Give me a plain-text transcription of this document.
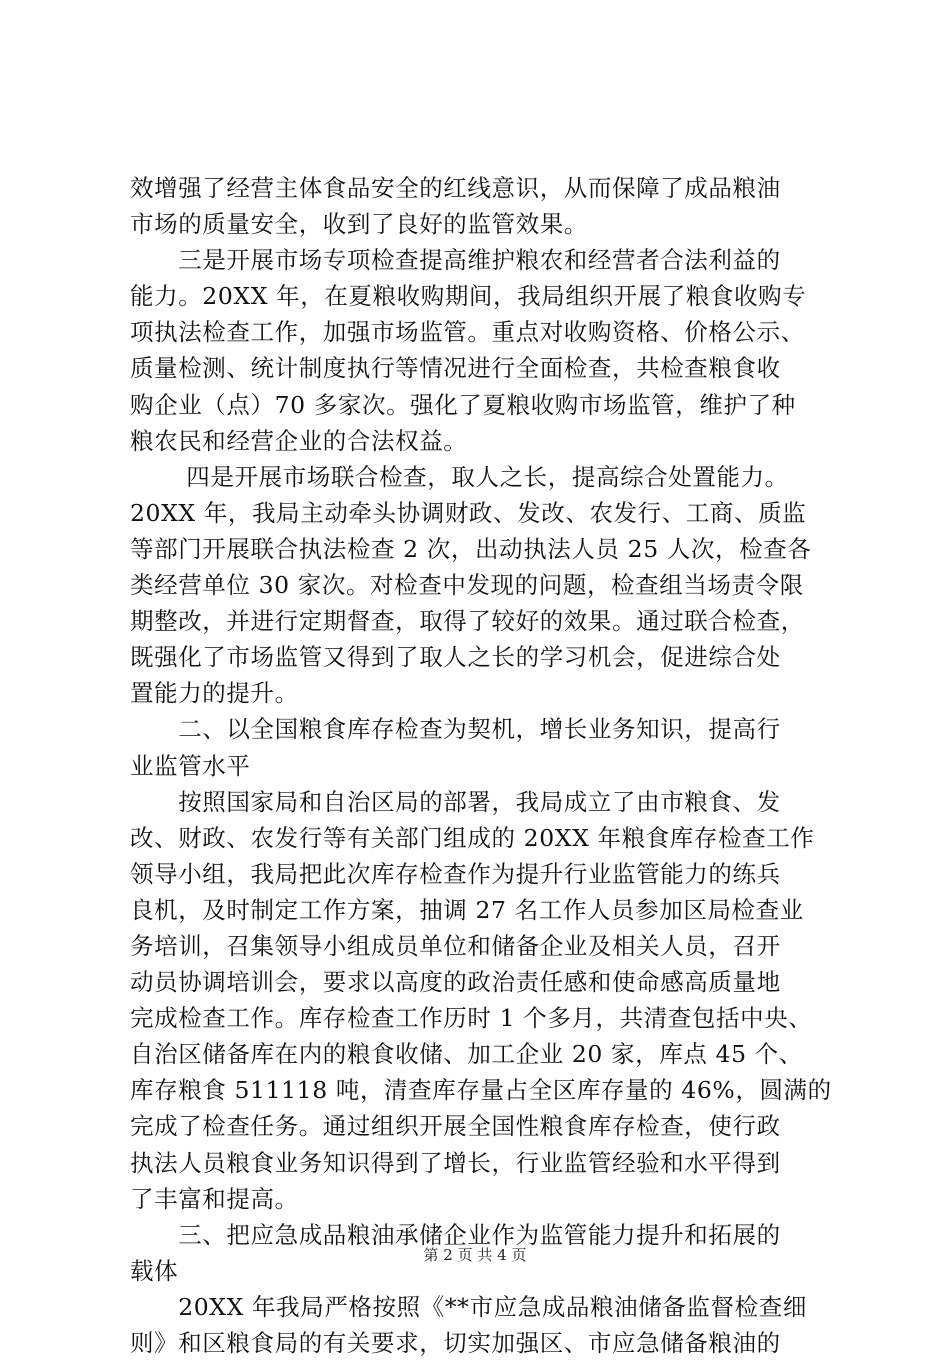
效增强了经营主体食品安全的红线意识，从而保障了成品粮油
市场的质量安全，收到了良好的监管效果。
　　三是开展市场专项检查提高维护粮农和经营者合法利益的
能力。20XX 年，在夏粮收购期间，我局组织开展了粮食收购专
项执法检查工作，加强市场监管。重点对收购资格、价格公示、
质量检测、统计制度执行等情况进行全面检查，共检查粮食收
购企业（点）70 多家次。强化了夏粮收购市场监管，维护了种
粮农民和经营企业的合法权益。
　　 四是开展市场联合检查，取人之长，提高综合处置能力。
20XX 年，我局主动牵头协调财政、发改、农发行、工商、质监
等部门开展联合执法检查 2 次，出动执法人员 25 人次，检查各
类经营单位 30 家次。对检查中发现的问题，检查组当场责令限
期整改，并进行定期督查，取得了较好的效果。通过联合检查，
既强化了市场监管又得到了取人之长的学习机会，促进综合处
置能力的提升。
　　二、以全国粮食库存检查为契机，增长业务知识，提高行
业监管水平
　　按照国家局和自治区局的部署，我局成立了由市粮食、发
改、财政、农发行等有关部门组成的 20XX 年粮食库存检查工作
领导小组，我局把此次库存检查作为提升行业监管能力的练兵
良机，及时制定工作方案，抽调 27 名工作人员参加区局检查业
务培训，召集领导小组成员单位和储备企业及相关人员，召开
动员协调培训会，要求以高度的政治责任感和使命感高质量地
完成检查工作。库存检查工作历时 1 个多月，共清查包括中央、
自治区储备库在内的粮食收储、加工企业 20 家，库点 45 个、
库存粮食 511118 吨，清查库存量占全区库存量的 46%，圆满的
完成了检查任务。通过组织开展全国性粮食库存检查，使行政
执法人员粮食业务知识得到了增长，行业监管经验和水平得到
了丰富和提高。
　　三、把应急成品粮油承储企业作为监管能力提升和拓展的
载体
　　20XX 年我局严格按照《**市应急成品粮油储备监督检查细
则》和区粮食局的有关要求，切实加强区、市应急储备粮油的
第 2 页 共 4 页
